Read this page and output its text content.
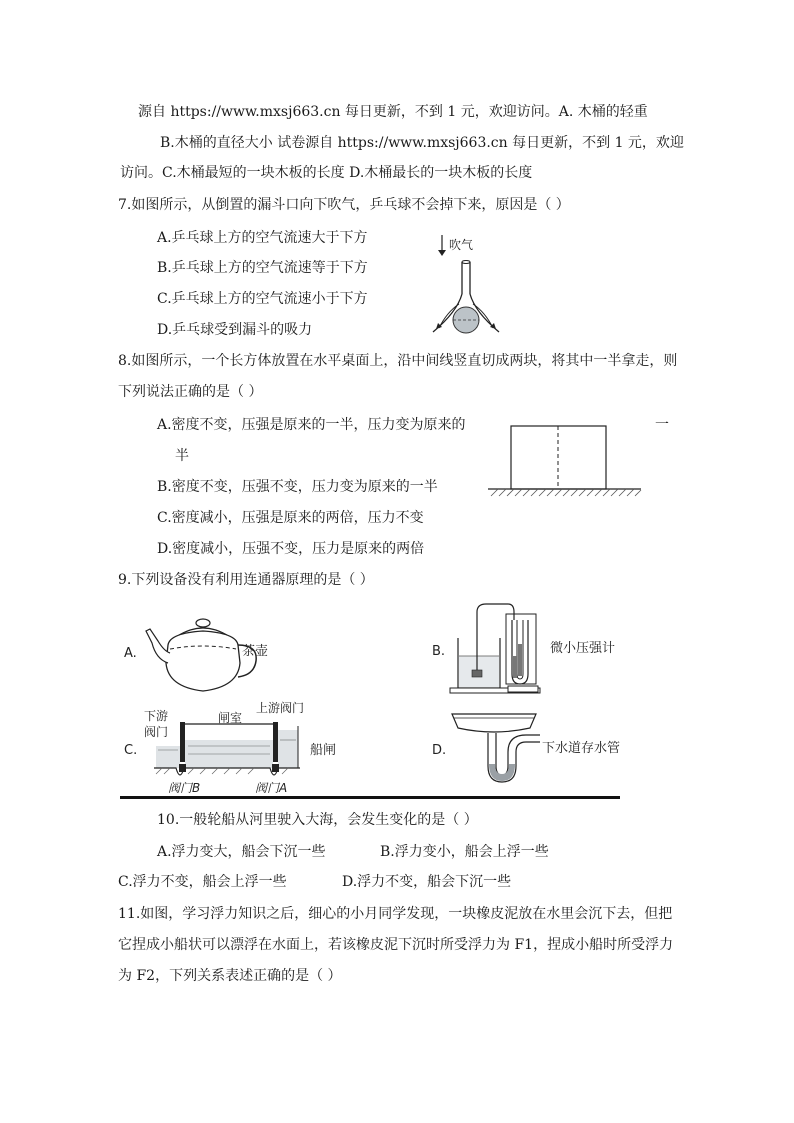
源自 https://www.mxsj663.cn 每日更新，不到 1 元，欢迎访问。A. 木桶的轻重
B.木桶的直径大小 试卷源自 https://www.mxsj663.cn 每日更新，不到 1 元，欢迎
访问。C.木桶最短的一块木板的长度 D.木桶最长的一块木板的长度
7.如图所示，从倒置的漏斗口向下吹气，乒乓球不会掉下来，原因是（ ）
A.乒乓球上方的空气流速大于下方
B.乒乓球上方的空气流速等于下方
C.乒乓球上方的空气流速小于下方
D.乒乓球受到漏斗的吸力
吹气
8.如图所示，一个长方体放置在水平桌面上，沿中间线竖直切成两块，将其中一半拿走，则
下列说法正确的是（ ）
A.密度不变，压强是原来的一半，压力变为原来的	一
半
B.密度不变，压强不变，压力变为原来的一半
C.密度减小，压强是原来的两倍，压力不变
D.密度减小，压强不变，压力是原来的两倍
9.下列设备没有利用连通器原理的是（ ）
A.	茶壶	B.	微小压强计
C.
下游
阀门
闸室
上游阀门
阀门B	阀门A
船闸	D.	下水道存水管
10.一般轮船从河里驶入大海，会发生变化的是（ ）
A.浮力变大，船会下沉一些	B.浮力变小，船会上浮一些
C.浮力不变，船会上浮一些	D.浮力不变，船会下沉一些
11.如图，学习浮力知识之后，细心的小月同学发现，一块橡皮泥放在水里会沉下去，但把
它捏成小船状可以漂浮在水面上，若该橡皮泥下沉时所受浮力为 F1，捏成小船时所受浮力
为 F2，下列关系表述正确的是（ ）
